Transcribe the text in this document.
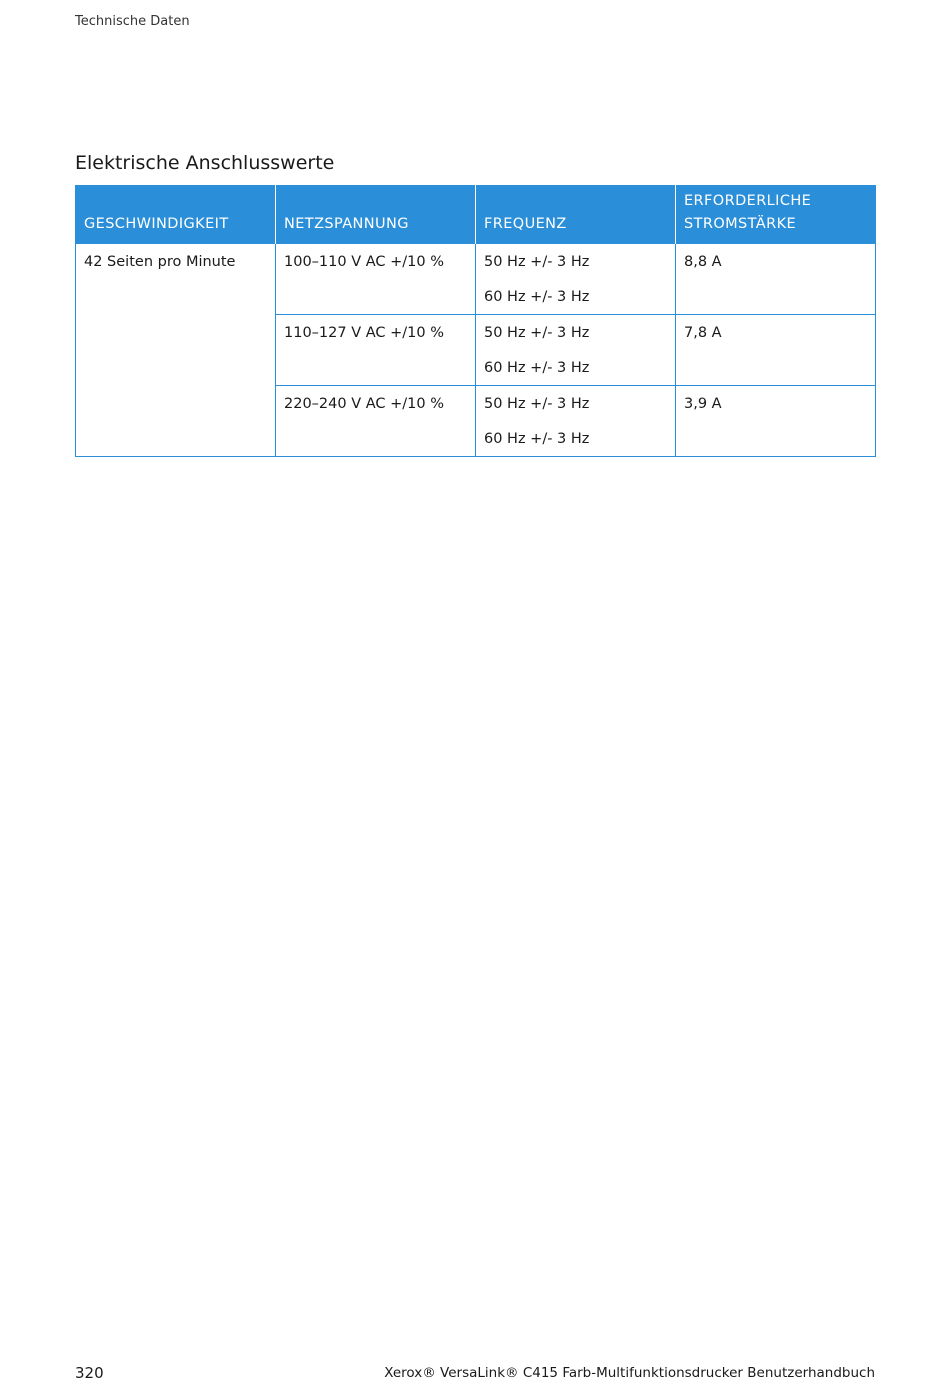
Technische Daten
Elektrische Anschlusswerte
GESCHWINDIGKEIT	NETZSPANNUNG	FREQUENZ	ERFORDERLICHE STROMSTÄRKE
42 Seiten pro Minute	100–110 V AC +/10 %	50 Hz +/- 3 Hz
60 Hz +/- 3 Hz	8,8 A
	110–127 V AC +/10 %	50 Hz +/- 3 Hz
60 Hz +/- 3 Hz	7,8 A
	220–240 V AC +/10 %	50 Hz +/- 3 Hz
60 Hz +/- 3 Hz	3,9 A
320	Xerox® VersaLink® C415 Farb-Multifunktionsdrucker Benutzerhandbuch
